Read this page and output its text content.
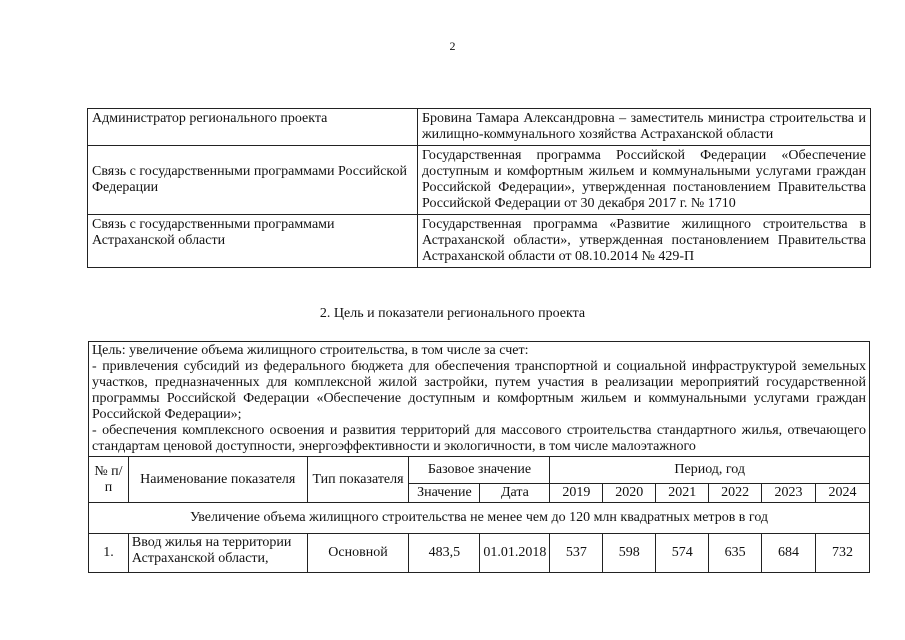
2
Администратор регионального проекта	Бровина Тамара Александровна – заместитель министра строительства и жилищно-коммунального хозяйства Астраханской области
Связь с государственными программами Российской Федерации	Государственная программа Российской Федерации «Обеспечение доступным и комфортным жильем и коммунальными услугами граждан Российской Федерации», утвержденная постановлением Правительства Российской Федерации от 30 декабря 2017 г. № 1710
Связь с государственными программами Астраханской области	Государственная программа «Развитие жилищного строительства в Астраханской области», утвержденная постановлением Правительства Астраханской области от 08.10.2014 № 429-П
2. Цель и показатели регионального проекта
Цель: увеличение объема жилищного строительства, в том числе за счет:
- привлечения субсидий из федерального бюджета для обеспечения транспортной и социальной инфраструктурой земельных участков, предназначенных для комплексной жилой застройки, путем участия в реализации мероприятий государственной программы Российской Федерации «Обеспечение доступным и комфортным жильем и коммунальными услугами граждан Российской Федерации»;
- обеспечения комплексного освоения и развития территорий для массового строительства стандартного жилья, отвечающего стандартам ценовой доступности, энергоэффективности и экологичности, в том числе малоэтажного										

№ п/п	Наименование показателя	Тип показателя	Базовое значение		Период, год					
			Значение	Дата	2019	2020	2021	2022	2023	2024
Увеличение объема жилищного строительства не менее чем до 120 млн квадратных метров в год										
1.	Ввод жилья на территории Астраханской области,	Основной	483,5	01.01.2018	537	598	574	635	684	732
